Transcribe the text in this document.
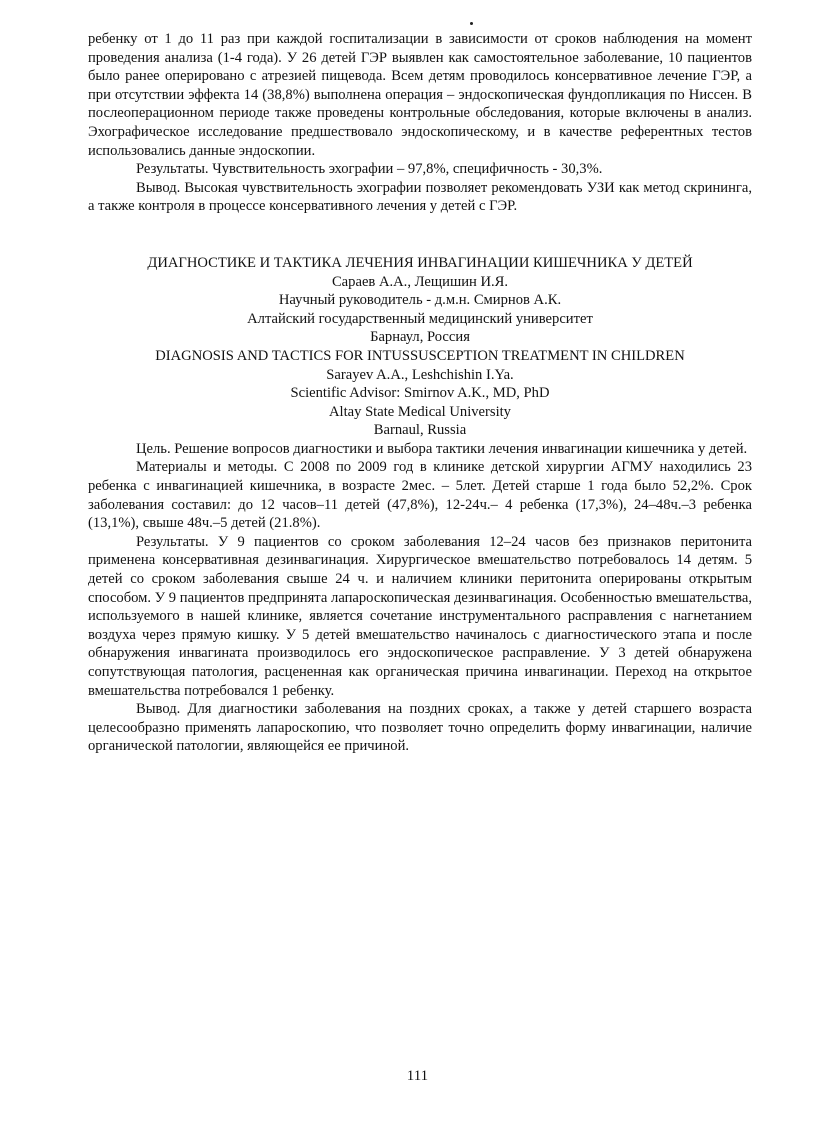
ребенку от 1 до 11 раз при каждой госпитализации в зависимости от сроков наблюдения на момент проведения анализа (1-4 года). У 26 детей ГЭР выявлен как самостоятельное заболевание, 10 пациентов было ранее оперировано с атрезией пищевода. Всем детям проводилось консервативное лечение ГЭР, а при отсутствии эффекта 14 (38,8%) выполнена операция – эндоскопическая фундопликация по Ниссен. В послеоперационном периоде также проведены контрольные обследования, которые включены в анализ. Эхографическое исследование предшествовало эндоскопическому, и в качестве референтных тестов использовались данные эндоскопии.

Результаты. Чувствительность эхографии – 97,8%, специфичность - 30,3%.

Вывод. Высокая чувствительность эхографии позволяет рекомендовать УЗИ как метод скрининга, а также контроля в процессе консервативного лечения у детей с ГЭР.

ДИАГНОСТИКЕ И ТАКТИКА ЛЕЧЕНИЯ ИНВАГИНАЦИИ КИШЕЧНИКА У ДЕТЕЙ
Сараев А.А., Лещишин И.Я.
Научный руководитель - д.м.н. Смирнов А.К.
Алтайский государственный медицинский университет
Барнаул, Россия
DIAGNOSIS AND TACTICS FOR INTUSSUSCEPTION TREATMENT IN CHILDREN
Sarayev A.A., Leshchishin I.Ya.
Scientific Advisor: Smirnov A.K., MD, PhD
Altay State Medical University
Barnaul, Russia

Цель. Решение вопросов диагностики и выбора тактики лечения инвагинации кишечника у детей.

Материалы и методы. С 2008 по 2009 год в клинике детской хирургии АГМУ находились 23 ребенка с инвагинацией кишечника, в возрасте 2мес. – 5лет. Детей старше 1 года было 52,2%. Срок заболевания составил: до 12 часов–11 детей (47,8%), 12-24ч.– 4 ребенка (17,3%), 24–48ч.–3 ребенка (13,1%), свыше 48ч.–5 детей (21.8%).

Результаты. У 9 пациентов со сроком заболевания 12–24 часов без признаков перитонита применена консервативная дезинвагинация. Хирургическое вмешательство потребовалось 14 детям. 5 детей со сроком заболевания свыше 24 ч. и наличием клиники перитонита оперированы открытым способом. У 9 пациентов предпринята лапароскопическая дезинвагинация. Особенностью вмешательства, используемого в нашей клинике, является сочетание инструментального расправления с нагнетанием воздуха через прямую кишку. У 5 детей вмешательство начиналось с диагностического этапа и после обнаружения инвагината производилось его эндоскопическое расправление. У 3 детей обнаружена сопутствующая патология, расцененная как органическая причина инвагинации. Переход на открытое вмешательства потребовался 1 ребенку.

Вывод. Для диагностики заболевания на поздних сроках, а также у детей старшего возраста целесообразно применять лапароскопию, что позволяет точно определить форму инвагинации, наличие органической патологии, являющейся ее причиной.

111
